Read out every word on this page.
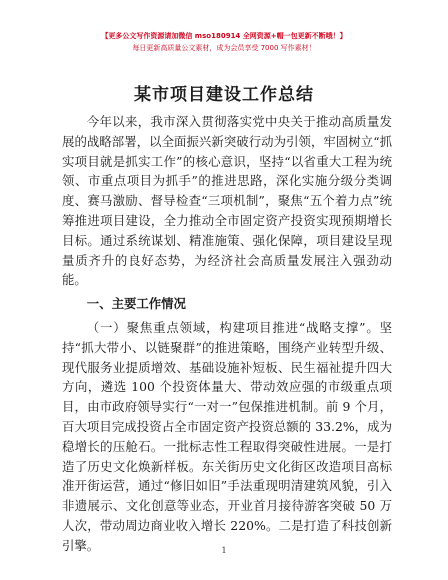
【更多公文写作资源请加微信 mso180914 全网资源+帽一包更新不断哦！】
每日更新高质量公文素材，成为会员享受 7000 写作素材！
某市项目建设工作总结

今年以来，我市深入贯彻落实党中央关于推动高质量发展的战略部署，以全面振兴新突破行动为引领，牢固树立“抓实项目就是抓实工作”的核心意识，坚持“以省重大工程为统领、市重点项目为抓手”的推进思路，深化实施分级分类调度、赛马激励、督导检查“三项机制”，聚焦“五个着力点”统筹推进项目建设，全力推动全市固定资产投资实现预期增长目标。通过系统谋划、精准施策、强化保障，项目建设呈现量质齐升的良好态势，为经济社会高质量发展注入强劲动能。

一、主要工作情况

（一）聚焦重点领域，构建项目推进“战略支撑”。坚持“抓大带小、以链聚群”的推进策略，围绕产业转型升级、现代服务业提质增效、基础设施补短板、民生福祉提升四大方向，遴选 100 个投资体量大、带动效应强的市级重点项目，由市政府领导实行“一对一”包保推进机制。前 9 个月，百大项目完成投资占全市固定资产投资总额的 33.2%，成为稳增长的压舱石。一批标志性工程取得突破性进展。一是打造了历史文化焕新样板。东关街历史文化街区改造项目高标准开街运营，通过“修旧如旧”手法重现明清建筑风貌，引入非遗展示、文化创意等业态，开业首月接待游客突破 50 万人次，带动周边商业收入增长 220%。二是打造了科技创新引擎。	1
